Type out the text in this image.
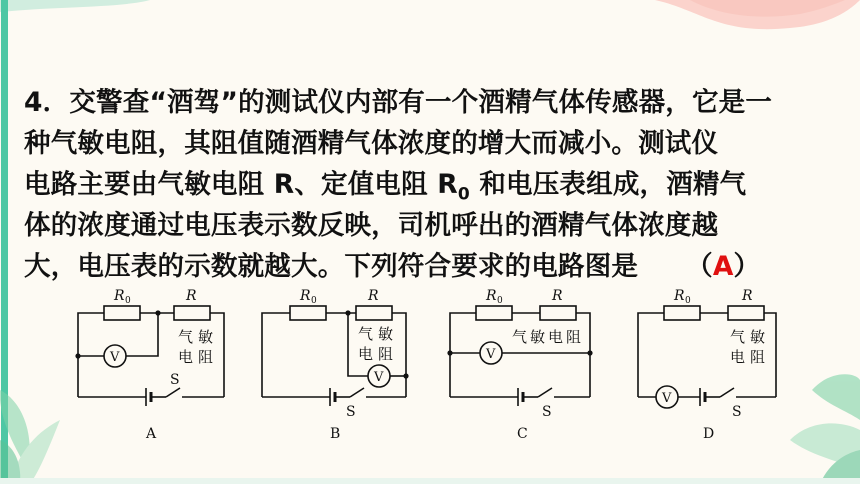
4．交警查“酒驾”的测试仪内部有一个酒精气体传感器，它是一
种气敏电阻，其阻值随酒精气体浓度的增大而减小。测试仪
电路主要由气敏电阻 R、定值电阻 $R_0$ 和电压表组成，酒精气
体的浓度通过电压表示数反映，司机呼出的酒精气体浓度越
大，电压表的示数就越大。下列符合要求的电路图是 （A）
R 0	R
气 敏
电 阻
V
S
A
R 0	R
气 敏
电 阻
V
S
B
R 0	R
气敏电阻
V
S
C
R 0	R
气 敏
电 阻
V
S
D
